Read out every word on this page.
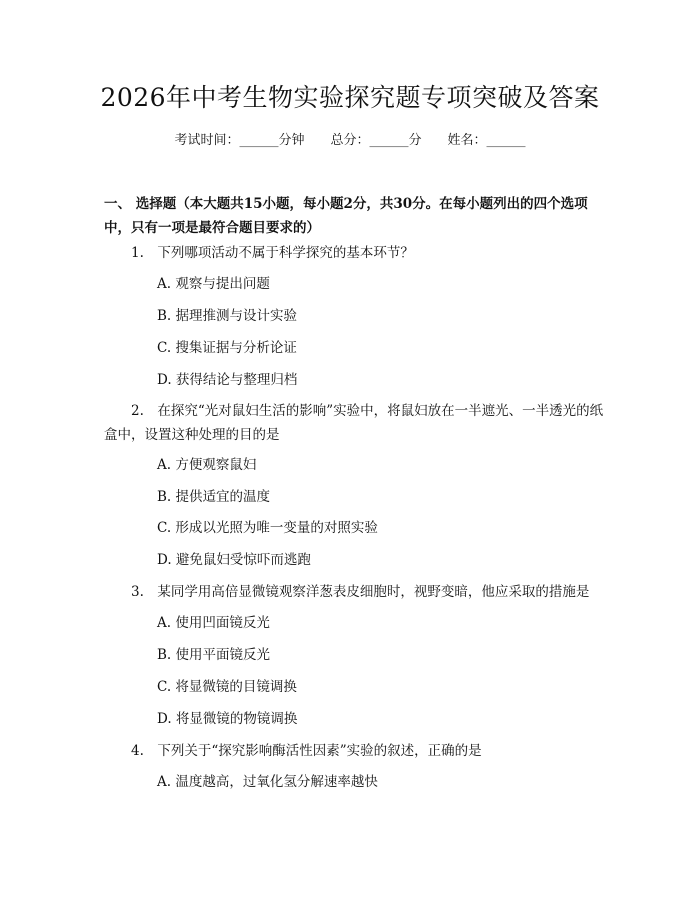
2026年中考生物实验探究题专项突破及答案
考试时间：______分钟 总分：______分 姓名：______
一、 选择题（本大题共15小题，每小题2分，共30分。在每小题列出的四个选项中，只有一项是最符合题目要求的）
1.　下列哪项活动不属于科学探究的基本环节？
A. 观察与提出问题
B. 据理推测与设计实验
C. 搜集证据与分析论证
D. 获得结论与整理归档
2.　在探究“光对鼠妇生活的影响”实验中，将鼠妇放在一半遮光、一半透光的纸盒中，设置这种处理的目的是
A. 方便观察鼠妇
B. 提供适宜的温度
C. 形成以光照为唯一变量的对照实验
D. 避免鼠妇受惊吓而逃跑
3.　某同学用高倍显微镜观察洋葱表皮细胞时，视野变暗，他应采取的措施是
A. 使用凹面镜反光
B. 使用平面镜反光
C. 将显微镜的目镜调换
D. 将显微镜的物镜调换
4.　下列关于“探究影响酶活性因素”实验的叙述，正确的是
A. 温度越高，过氧化氢分解速率越快
